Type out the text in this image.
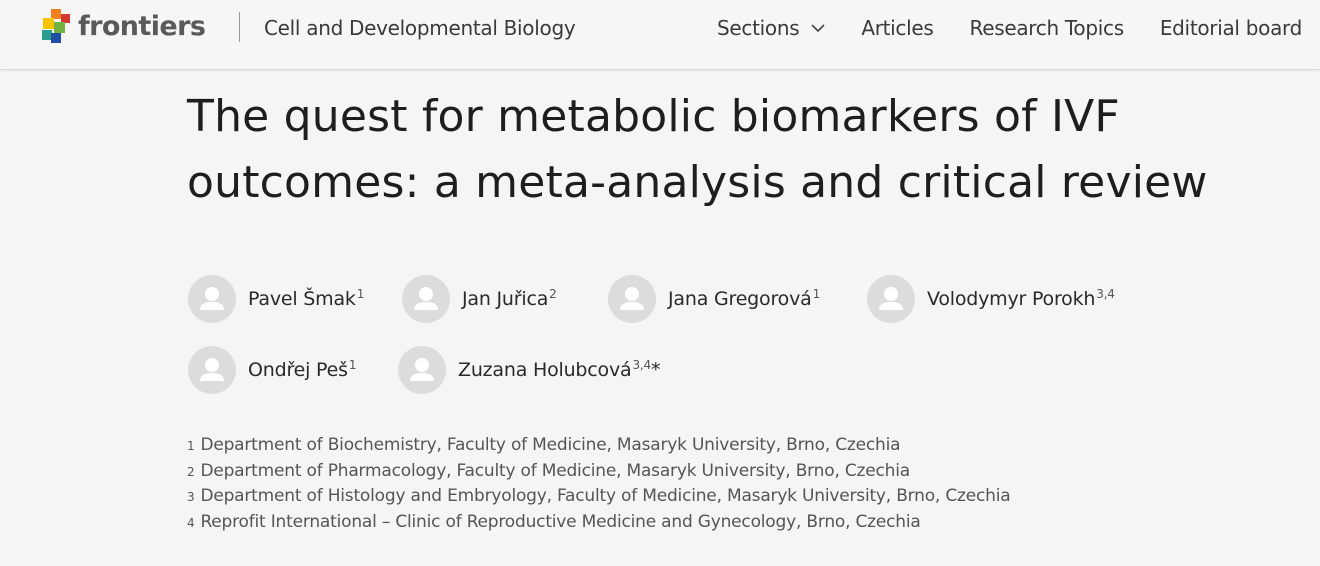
frontiers	Cell and Developmental Biology	Sections	Articles Research Topics Editorial board
The quest for metabolic biomarkers of IVF outcomes: a meta-analysis and critical review
Pavel Šmak$^1$	Jan Juřica$^2$	Jana Gregorová$^1$	Volodymyr Porokh$^{3,4}$
Ondřej Peš$^1$	Zuzana Holubcová$^{3,4}$*
1 Department of Biochemistry, Faculty of Medicine, Masaryk University, Brno, Czechia
2 Department of Pharmacology, Faculty of Medicine, Masaryk University, Brno, Czechia
3 Department of Histology and Embryology, Faculty of Medicine, Masaryk University, Brno, Czechia
4 Reprofit International – Clinic of Reproductive Medicine and Gynecology, Brno, Czechia
